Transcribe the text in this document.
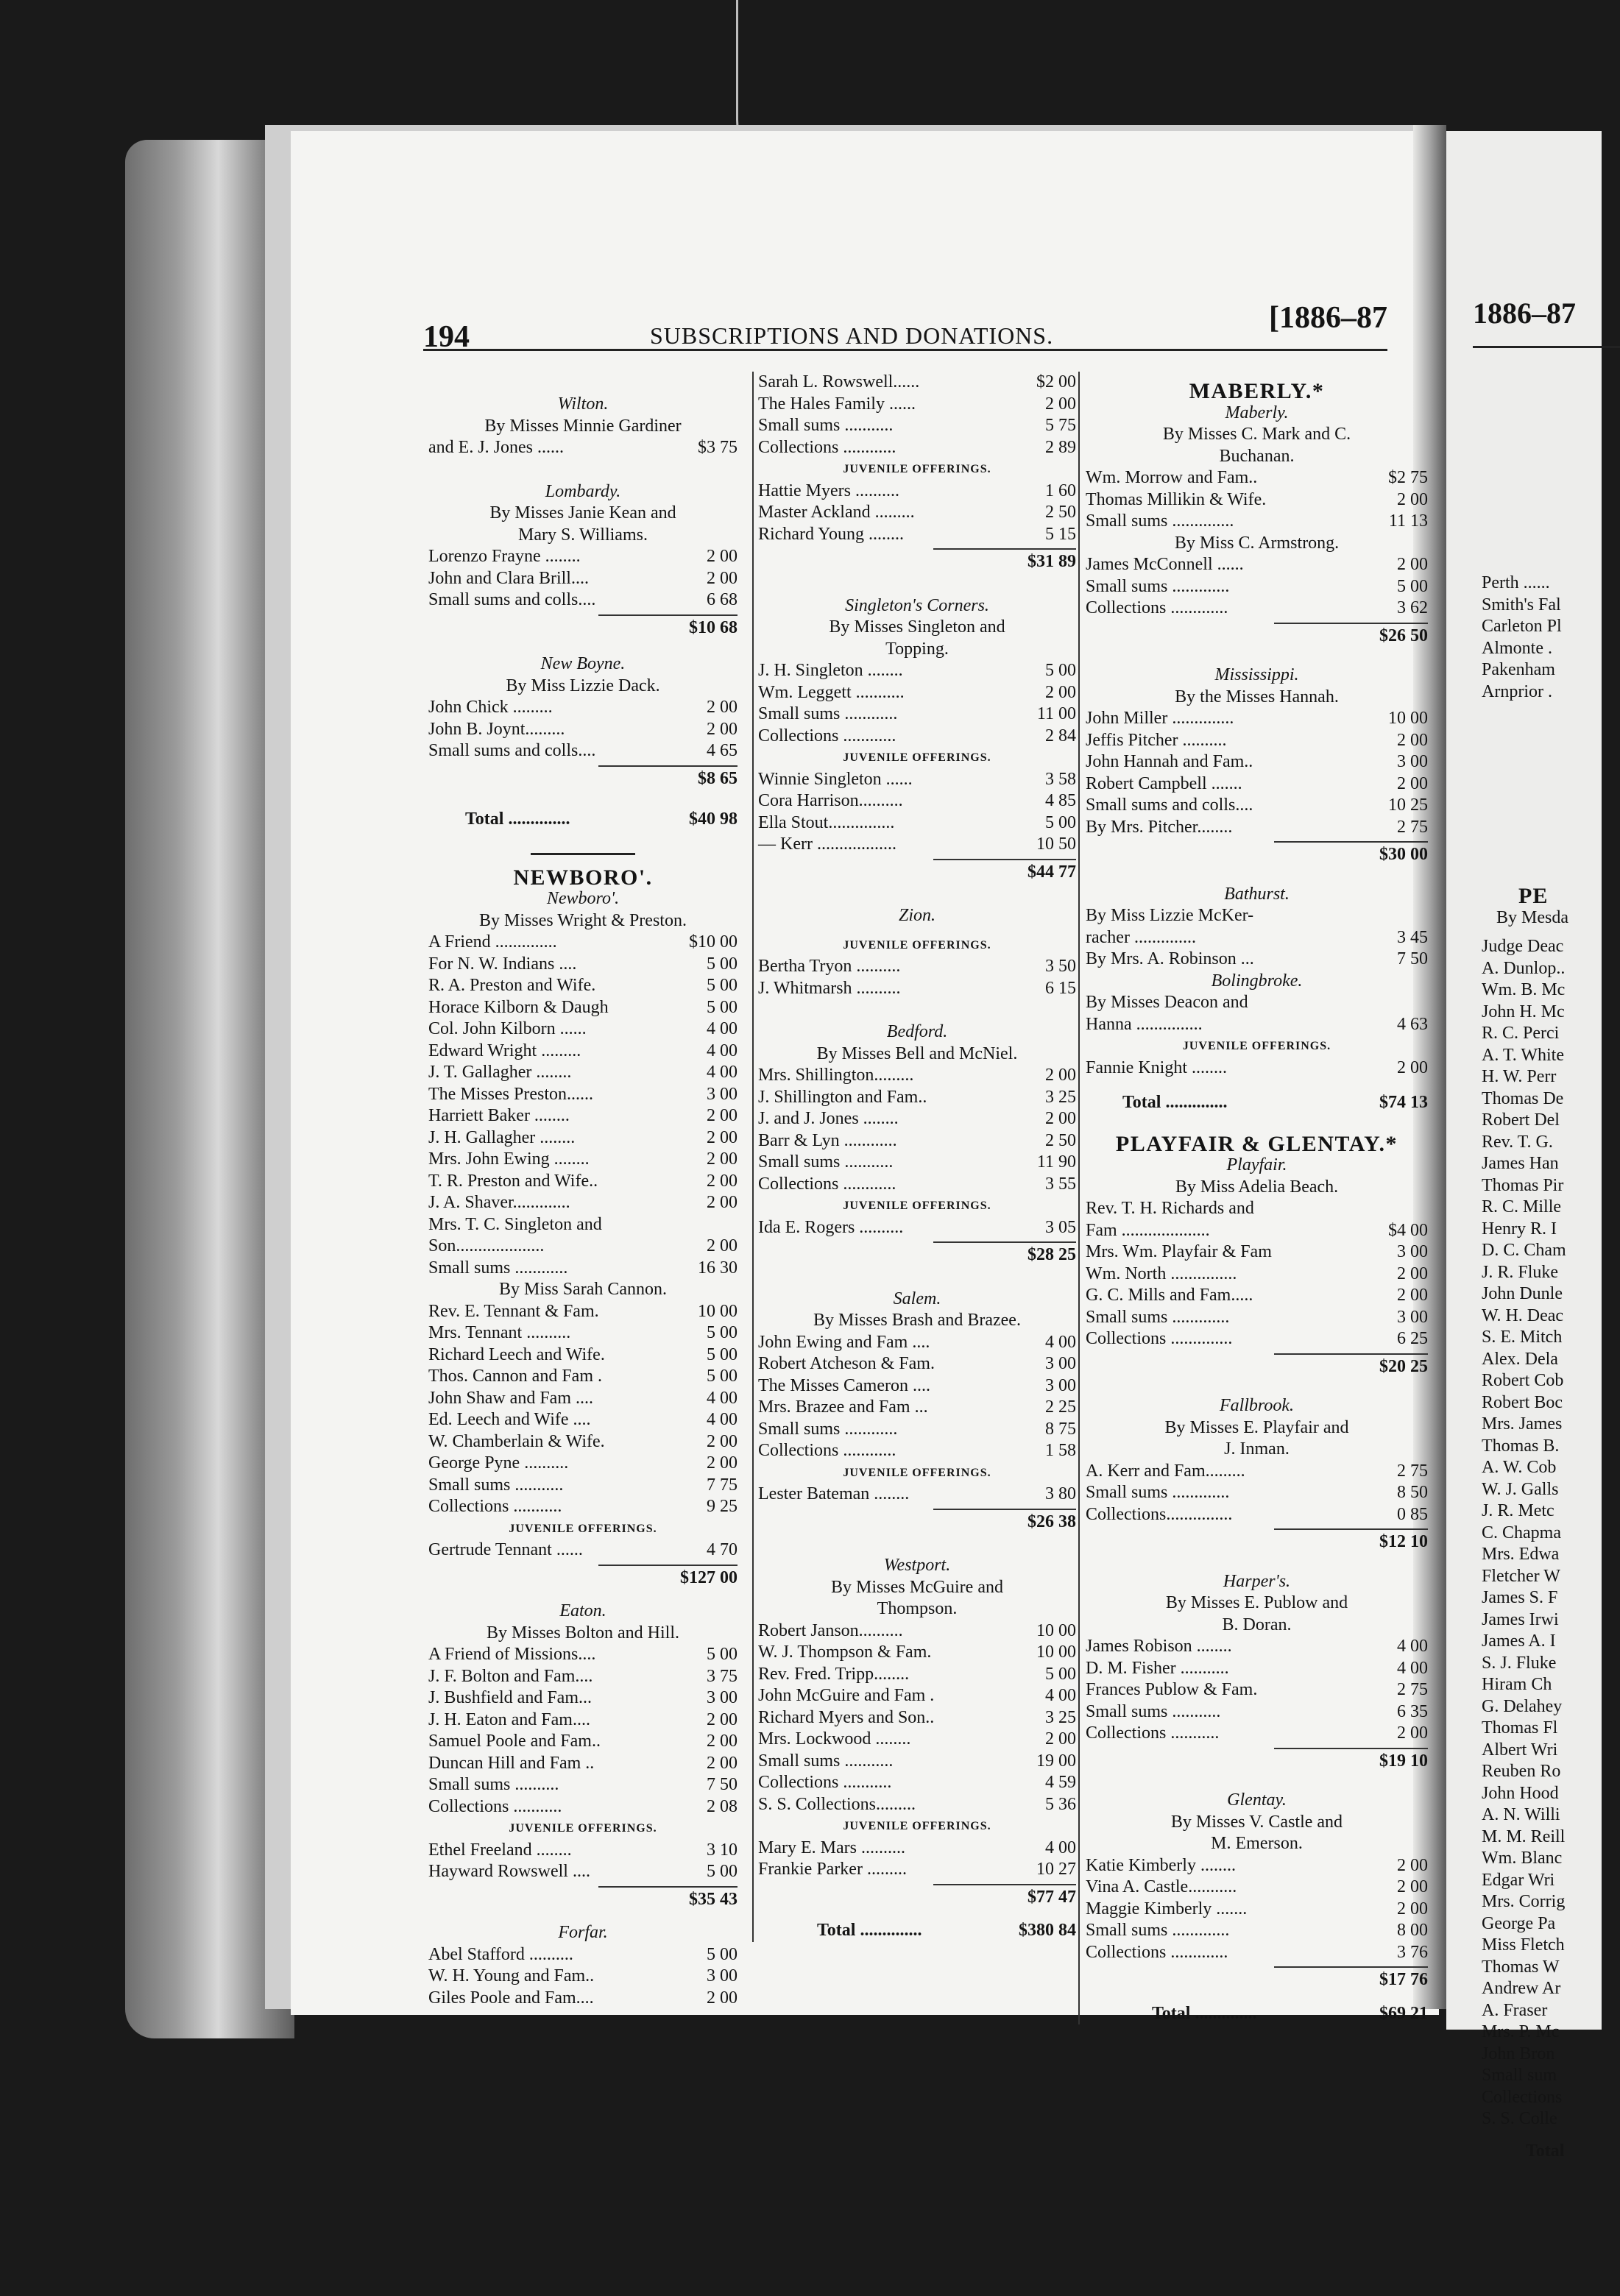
1886–87
Perth ......
Smith's Fal
Carleton Pl
Almonte .
Pakenham
Arnprior .
PE
By Mesda
Judge Deac
A. Dunlop..
Wm. B. Mc
John H. Mc
R. C. Perci
A. T. White
H. W. Perr
Thomas De
Robert Del
Rev. T. G.
James Han
Thomas Pir
R. C. Mille
Henry R. I
D. C. Cham
J. R. Fluke
John Dunle
W. H. Deac
S. E. Mitch
Alex. Dela
Robert Cob
Robert Boc
Mrs. James
Thomas B.
A. W. Cob
W. J. Galls
J. R. Metc
C. Chapma
Mrs. Edwa
Fletcher W
James S. F
James Irwi
James A. I
S. J. Fluke
Hiram Ch
G. Delahey
Thomas Fl
Albert Wri
Reuben Ro
John Hood
A. N. Willi
M. M. Reill
Wm. Blanc
Edgar Wri
Mrs. Corrig
George Pa
Miss Fletch
Thomas W
Andrew Ar
A. Fraser
Mrs. P. Mc
John Bron
Small sum
Collections
S. S. Colle
Total
194	SUBSCRIPTIONS AND DONATIONS.
[1886–87
Wilton.
By Misses Minnie Gardiner
and E. J. Jones ......	$3 75
Lombardy.
By Misses Janie Kean and
Mary S. Williams.
Lorenzo Frayne ........	2 00
John and Clara Brill....	2 00
Small sums and colls....	6 68
$10 68
New Boyne.
By Miss Lizzie Dack.
John Chick .........	2 00
John B. Joynt.........	2 00
Small sums and colls....	4 65
$8 65
Total ..............	$40 98
NEWBORO'.
Newboro'.
By Misses Wright & Preston.
A Friend ..............	$10 00
For N. W. Indians ....	5 00
R. A. Preston and Wife.	5 00
Horace Kilborn & Daugh	5 00
Col. John Kilborn ......	4 00
Edward Wright .........	4 00
J. T. Gallagher ........	4 00
The Misses Preston......	3 00
Harriett Baker ........	2 00
J. H. Gallagher ........	2 00
Mrs. John Ewing ........	2 00
T. R. Preston and Wife..	2 00
J. A. Shaver.............	2 00
Mrs. T. C. Singleton and
Son....................	2 00
Small sums ............	16 30
By Miss Sarah Cannon.
Rev. E. Tennant & Fam.	10 00
Mrs. Tennant ..........	5 00
Richard Leech and Wife.	5 00
Thos. Cannon and Fam .	5 00
John Shaw and Fam ....	4 00
Ed. Leech and Wife ....	4 00
W. Chamberlain & Wife.	2 00
George Pyne ..........	2 00
Small sums ...........	7 75
Collections ...........	9 25
JUVENILE OFFERINGS.
Gertrude Tennant ......	4 70
$127 00
Eaton.
By Misses Bolton and Hill.
A Friend of Missions....	5 00
J. F. Bolton and Fam....	3 75
J. Bushfield and Fam...	3 00
J. H. Eaton and Fam....	2 00
Samuel Poole and Fam..	2 00
Duncan Hill and Fam ..	2 00
Small sums ..........	7 50
Collections ...........	2 08
JUVENILE OFFERINGS.
Ethel Freeland ........	3 10
Hayward Rowswell ....	5 00
$35 43
Forfar.
Abel Stafford ..........	5 00
W. H. Young and Fam..	3 00
Giles Poole and Fam....	2 00
Sarah L. Rowswell......	$2 00
The Hales Family ......	2 00
Small sums ...........	5 75
Collections ............	2 89
JUVENILE OFFERINGS.
Hattie Myers ..........	1 60
Master Ackland .........	2 50
Richard Young ........	5 15
$31 89
Singleton's Corners.
By Misses Singleton and
Topping.
J. H. Singleton ........	5 00
Wm. Leggett ...........	2 00
Small sums ............	11 00
Collections ............	2 84
JUVENILE OFFERINGS.
Winnie Singleton ......	3 58
Cora Harrison..........	4 85
Ella Stout...............	5 00
— Kerr ..................	10 50
$44 77
Zion.
JUVENILE OFFERINGS.
Bertha Tryon ..........	3 50
J. Whitmarsh ..........	6 15
Bedford.
By Misses Bell and McNiel.
Mrs. Shillington.........	2 00
J. Shillington and Fam..	3 25
J. and J. Jones ........	2 00
Barr & Lyn ............	2 50
Small sums ...........	11 90
Collections ............	3 55
JUVENILE OFFERINGS.
Ida E. Rogers ..........	3 05
$28 25
Salem.
By Misses Brash and Brazee.
John Ewing and Fam ....	4 00
Robert Atcheson & Fam.	3 00
The Misses Cameron ....	3 00
Mrs. Brazee and Fam ...	2 25
Small sums ............	8 75
Collections ............	1 58
JUVENILE OFFERINGS.
Lester Bateman ........	3 80
$26 38
Westport.
By Misses McGuire and
Thompson.
Robert Janson..........	10 00
W. J. Thompson & Fam.	10 00
Rev. Fred. Tripp........	5 00
John McGuire and Fam .	4 00
Richard Myers and Son..	3 25
Mrs. Lockwood ........	2 00
Small sums ...........	19 00
Collections ...........	4 59
S. S. Collections.........	5 36
JUVENILE OFFERINGS.
Mary E. Mars ..........	4 00
Frankie Parker .........	10 27
$77 47
Total ..............	$380 84
MABERLY.*
Maberly.
By Misses C. Mark and C.
Buchanan.
Wm. Morrow and Fam..	$2 75
Thomas Millikin & Wife.	2 00
Small sums ..............	11 13
By Miss C. Armstrong.
James McConnell ......	2 00
Small sums .............	5 00
Collections .............	3 62
$26 50
Mississippi.
By the Misses Hannah.
John Miller ..............	10 00
Jeffis Pitcher ..........	2 00
John Hannah and Fam..	3 00
Robert Campbell .......	2 00
Small sums and colls....	10 25
By Mrs. Pitcher........	2 75
$30 00
Bathurst.
By Miss Lizzie McKer-
racher ..............	3 45
By Mrs. A. Robinson ...	7 50
Bolingbroke.
By Misses Deacon and
Hanna ...............	4 63
JUVENILE OFFERINGS.
Fannie Knight ........	2 00
Total ..............	$74 13
PLAYFAIR & GLENTAY.*
Playfair.
By Miss Adelia Beach.
Rev. T. H. Richards and
Fam ....................	$4 00
Mrs. Wm. Playfair & Fam	3 00
Wm. North ...............	2 00
G. C. Mills and Fam.....	2 00
Small sums .............	3 00
Collections ..............	6 25
$20 25
Fallbrook.
By Misses E. Playfair and
J. Inman.
A. Kerr and Fam.........	2 75
Small sums .............	8 50
Collections...............	0 85
$12 10
Harper's.
By Misses E. Publow and
B. Doran.
James Robison ........	4 00
D. M. Fisher ...........	4 00
Frances Publow & Fam.	2 75
Small sums ...........	6 35
Collections ...........	2 00
$19 10
Glentay.
By Misses V. Castle and
M. Emerson.
Katie Kimberly ........	2 00
Vina A. Castle...........	2 00
Maggie Kimberly .......	2 00
Small sums .............	8 00
Collections .............	3 76
$17 76
Total ..............	$69 21
